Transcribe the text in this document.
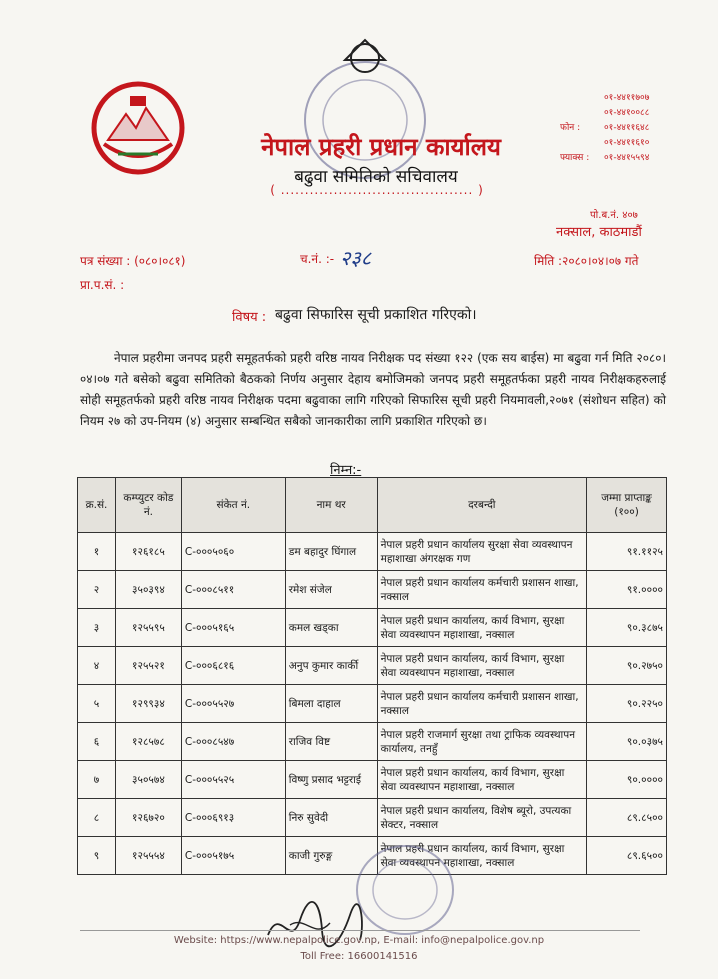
नेपाल प्रहरी प्रधान कार्यालय
बढुवा समितिको सचिवालय
( ........................................ )
०१-४४११७०७
०१-४४१००८८
फोन :	०१-४४११६४८
०१-४४११६१०
फ्याक्स : ०१-४४१५५९४
पो.ब.नं. ४०७
नक्साल, काठमाडौं
पत्र संख्या : (०८०।०८१)
प्रा.प.सं. :
च.नं. :- २३८	मिति :२०८०।०४।०७ गते
विषय : बढुवा सिफारिस सूची प्रकाशित गरिएको।
नेपाल प्रहरीमा जनपद प्रहरी समूहतर्फको प्रहरी वरिष्ठ नायव निरीक्षक पद संख्या १२२ (एक सय बाईस) मा बढुवा गर्न मिति २०८०।०४।०७ गते बसेको बढुवा समितिको बैठकको निर्णय अनुसार देहाय बमोजिमको जनपद प्रहरी समूहतर्फका प्रहरी नायव निरीक्षकहरुलाई सोही समूहतर्फको प्रहरी वरिष्ठ नायव निरीक्षक पदमा बढुवाका लागि गरिएको सिफारिस सूची प्रहरी नियमावली,२०७१ (संशोधन सहित) को नियम २७ को उप-नियम (४) अनुसार सम्बन्धित सबैको जानकारीका लागि प्रकाशित गरिएको छ।
निम्न:-
क्र.सं.	कम्प्युटर कोड नं.	संकेत नं.	नाम थर	दरबन्दी	जम्मा प्राप्ताङ्क (१००)
१	१२६१८५	C-०००५०६०	डम बहादुर घिंगाल	नेपाल प्रहरी प्रधान कार्यालय सुरक्षा सेवा व्यवस्थापन महाशाखा अंगरक्षक गण	९१.११२५
२	३५०३९४	C-०००८५११	रमेश संजेल	नेपाल प्रहरी प्रधान कार्यालय कर्मचारी प्रशासन शाखा, नक्साल	९१.००००
३	१२५५९५	C-०००५१६५	कमल खड्का	नेपाल प्रहरी प्रधान कार्यालय, कार्य विभाग, सुरक्षा सेवा व्यवस्थापन महाशाखा, नक्साल	९०.३८७५
४	१२५५२१	C-०००६८१६	अनुप कुमार कार्की	नेपाल प्रहरी प्रधान कार्यालय, कार्य विभाग, सुरक्षा सेवा व्यवस्थापन महाशाखा, नक्साल	९०.२७५०
५	१२९९३४	C-०००५५२७	बिमला दाहाल	नेपाल प्रहरी प्रधान कार्यालय कर्मचारी प्रशासन शाखा, नक्साल	९०.२२५०
६	१२८५७८	C-०००८५४७	राजिव विष्ट	नेपाल प्रहरी राजमार्ग सुरक्षा तथा ट्राफिक व्यवस्थापन कार्यालय, तनहुँ	९०.०३७५
७	३५०५७४	C-०००५५२५	विष्णु प्रसाद भट्टराई	नेपाल प्रहरी प्रधान कार्यालय, कार्य विभाग, सुरक्षा सेवा व्यवस्थापन महाशाखा, नक्साल	९०.००००
८	१२६७२०	C-०००६९१३	निरु सुवेदी	नेपाल प्रहरी प्रधान कार्यालय, विशेष ब्यूरो, उपत्यका सेक्टर, नक्साल	८९.८५००
९	१२५५५४	C-०००५१७५	काजी गुरुङ्ग	नेपाल प्रहरी प्रधान कार्यालय, कार्य विभाग, सुरक्षा सेवा व्यवस्थापन महाशाखा, नक्साल	८९.६५००
Website: https://www.nepalpolice.gov.np, E-mail: info@nepalpolice.gov.np
Toll Free: 16600141516
